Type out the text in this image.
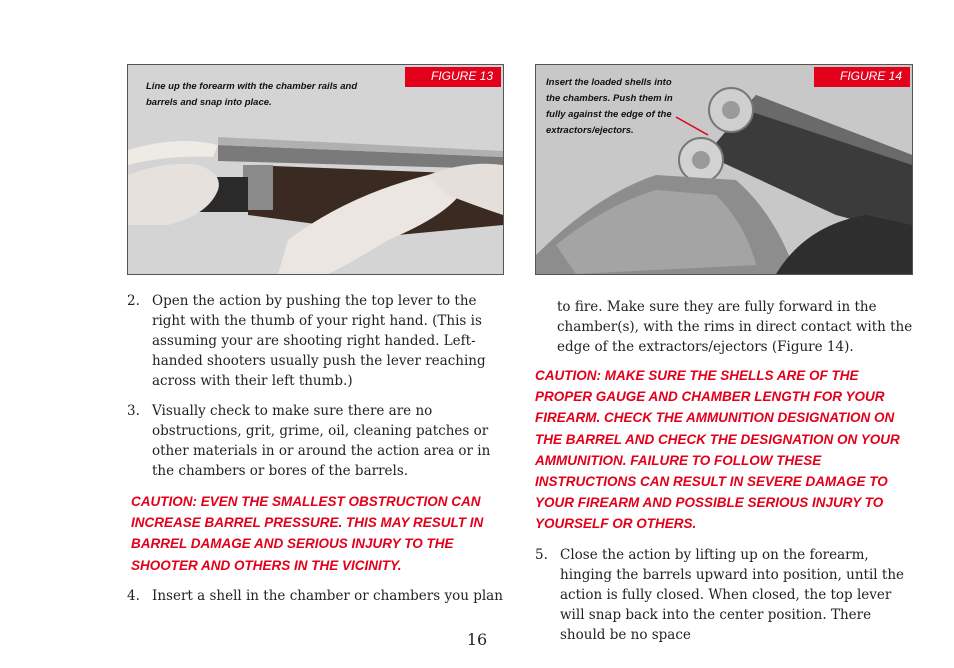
FIGURE 13

Line up the forearm with the chamber rails and barrels and snap into place.

FIGURE 14

Insert the loaded shells into the chambers. Push them in fully against the edge of the extractors/ejectors.

2. Open the action by pushing the top lever to the right with the thumb of your right hand. (This is assuming your are shooting right handed. Left-handed shooters usually push the lever reaching across with their left thumb.)
3. Visually check to make sure there are no obstructions, grit, grime, oil, cleaning patches or other materials in or around the action area or in the chambers or bores of the barrels.

CAUTION: EVEN THE SMALLEST OBSTRUCTION CAN INCREASE BARREL PRESSURE. THIS MAY RESULT IN BARREL DAMAGE AND SERIOUS INJURY TO THE SHOOTER AND OTHERS IN THE VICINITY.

4. Insert a shell in the chamber or chambers you plan

to fire. Make sure they are fully forward in the chamber(s), with the rims in direct contact with the edge of the extractors/ejectors (Figure 14).

CAUTION: MAKE SURE THE SHELLS ARE OF THE PROPER GAUGE AND CHAMBER LENGTH FOR YOUR FIREARM. CHECK THE AMMUNITION DESIGNATION ON THE BARREL AND CHECK THE DESIGNATION ON YOUR AMMUNITION. FAILURE TO FOLLOW THESE INSTRUCTIONS CAN RESULT IN SEVERE DAMAGE TO YOUR FIREARM AND POSSIBLE SERIOUS INJURY TO YOURSELF OR OTHERS.

5. Close the action by lifting up on the forearm, hinging the barrels upward into position, until the action is fully closed. When closed, the top lever will snap back into the center position. There should be no space
16
